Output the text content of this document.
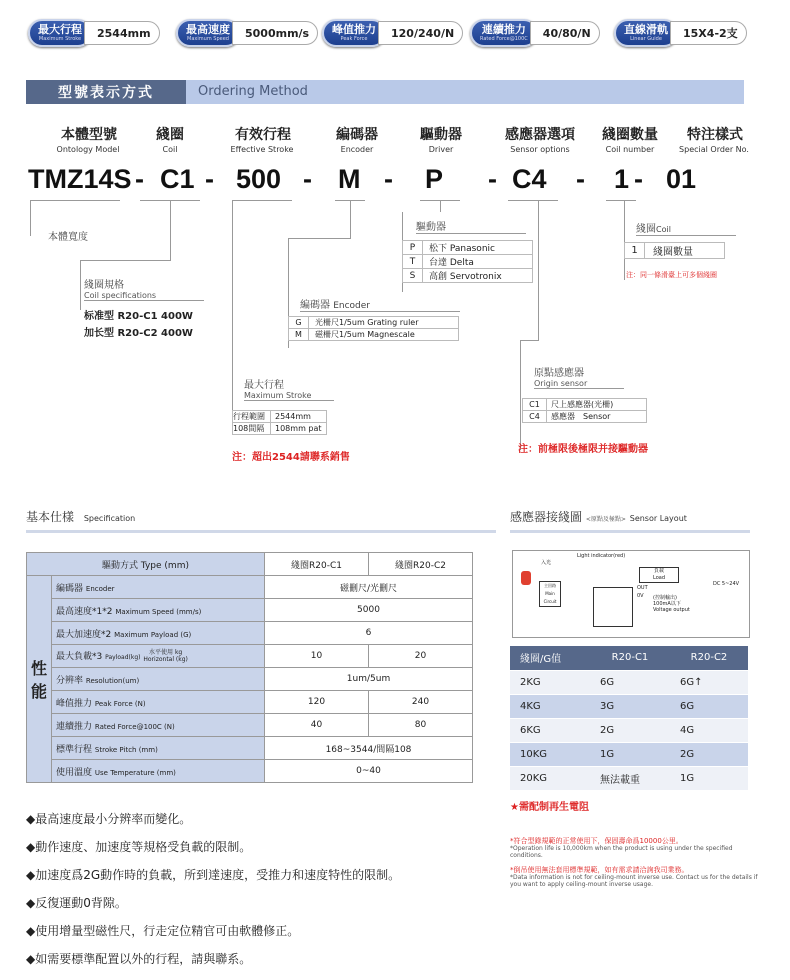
最大行程
Maximum Stroke	2544mm	最高速度
Maximum Speed	5000mm/s	峰值推力
Peak Force	120/240/N	連續推力
Rated Force@100C	40/80/N	直線滑軌
Linear Guide	15X4-2支
型號表示方式	Ordering Method
本體型號
Ontology Model
綫圈
Coil
有效行程
Effective Stroke
編碼器
Encoder
驅動器
Driver
感應器選項
Sensor options
綫圈數量
Coil number
特注樣式
Special Order No.
TMZ14S - C1 - 500 - M - P - C4 - 1 - 01
本體寬度
綫圈規格
Coil specifications
标准型 R20-C1 400W
加长型 R20-C2 400W
編碼器 Encoder
G	光柵尺1/5um Grating ruler
M	磁柵尺1/5um Magnescale
驅動器
P	松下 Panasonic
T	台達 Delta
S	高創 Servotronix
綫圈Coil
1	綫圈數量
注：同一條滑臺上可多個綫圈
最大行程
Maximum Stroke
行程範圍	2544mm
108間隔	108mm pat
注：超出2544請聯系銷售
原點感應器
Origin sensor
C1	尺上感應器(光柵)
C4	感應器　Sensor
注：前極限後極限并接驅動器
基本仕樣 Specification
驅動方式 Type (mm)		綫圈R20-C1	綫圈R20-C2
性能	編碼器 Encoder	磁刪尺/光刪尺	
	最高速度*1*2 Maximum Speed (mm/s)	5000	
	最大加速度*2 Maximum Payload (G)	6	
	最大負載*3 Payload(kg) 水平使用 kg
Horizontal (kg)	10	20
	分辨率 Resolution(um)	1um/5um	
	峰值推力 Peak Force (N)	120	240
	連續推力 Rated Force@100C (N)	40	80
	標準行程 Stroke Pitch (mm)	168~3544/間隔108	
	使用溫度 Use Temperature (mm)	0~40	
感應器接綫圖 <原點及極點> Sensor Layout
Light indicator(red)
入光
主回路
Main Circuit
負載
Load
OUT
0V
DC 5~24V
(控制輸出)
100mA以下
Voltage output
綫圈/G值	R20-C1	R20-C2
2KG	6G	6G↑
4KG	3G	6G
6KG	2G	4G
10KG	1G	2G
20KG	無法載重	1G
★需配制再生電阻
*符合型錄規範的正常使用下，保固壽命爲10000公里。
*Operation life is 10,000km when the product is using under the specified conditions.
*倒吊使用無法套用標準規範，如有需求請洽詢我司業務。
*Data information is not for ceiling-mount inverse use. Contact us for the details if you want to apply ceiling-mount inverse usage.
◆最高速度最小分辨率而變化。
◆動作速度、加速度等規格受負載的限制。
◆加速度爲2G動作時的負載，所到達速度，受推力和速度特性的限制。
◆反復運動0背隙。
◆使用增量型磁性尺，行走定位精官可由軟體修正。
◆如需要標準配置以外的行程，請與聯系。
